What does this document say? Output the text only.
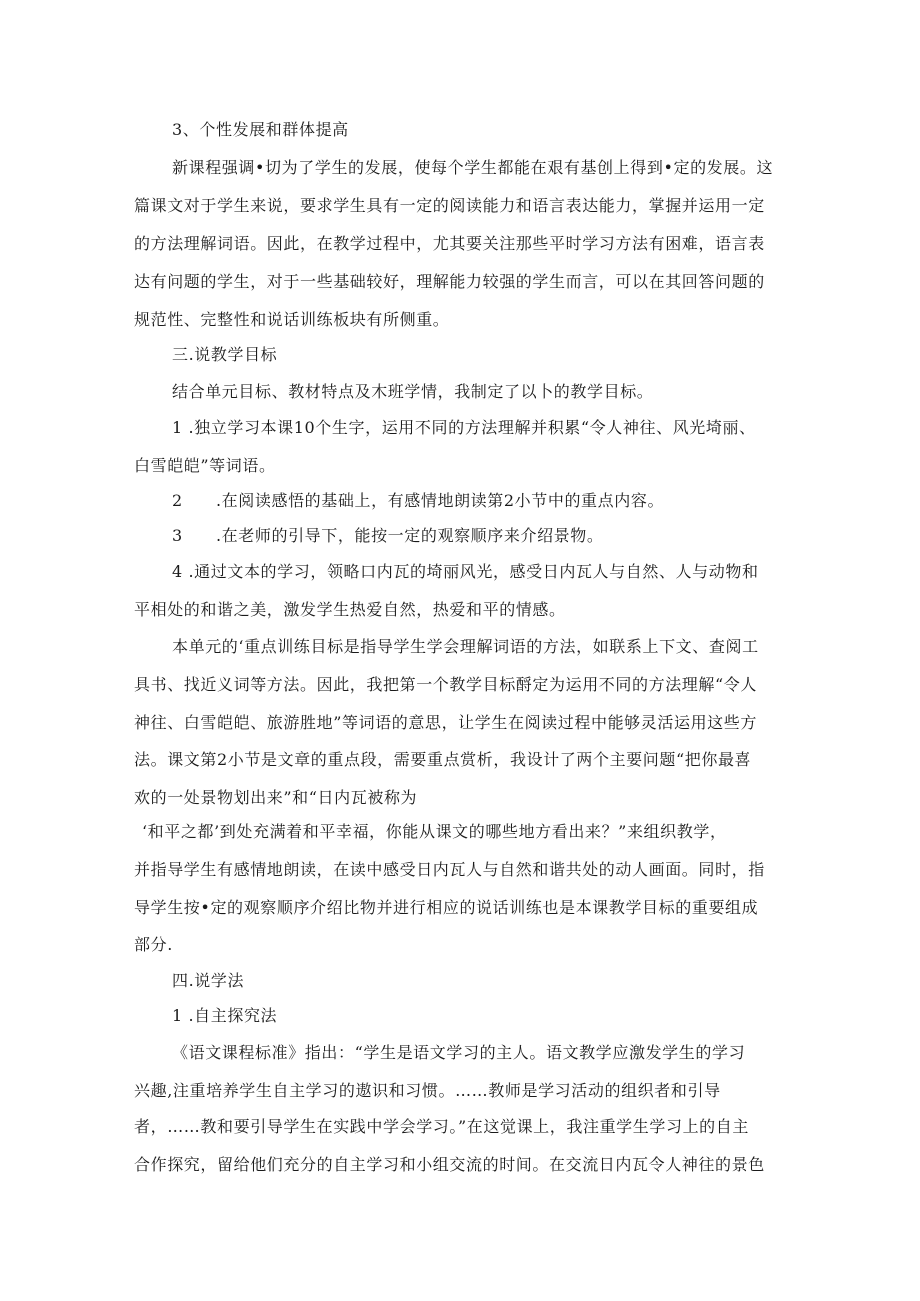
3、个性发展和群体提高
新课程强调•切为了学生的发展，使每个学生都能在艰有基创上得到•定的发展。这
篇课文对于学生来说，要求学生具有一定的阅读能力和语言表达能力，掌握并运用一定
的方法理解词语。因此，在教学过程中，尤其要关注那些平时学习方法有困难，语言表
达有问题的学生，对于一些基础较好，理解能力较强的学生而言，可以在其回答问题的
规范性、完整性和说话训练板块有所侧重。
三.说教学目标
结合单元目标、教材特点及木班学情，我制定了以卜的教学目标。
1 .独立学习本课10个生字，运用不同的方法理解并积累“令人神往、风光埼丽、
白雪皑皑”等词语。
2　　.在阅读感悟的基础上，有感情地朗读第2小节中的重点内容。
3　　.在老师的引导下，能按一定的观察顺序来介绍景物。
4 .通过文本的学习，领略口内瓦的埼丽风光，感受日内瓦人与自然、人与动物和
平相处的和谐之美，激发学生热爱自然，热爱和平的情感。
本单元的‘重点训练目标是指导学生学会理解词语的方法，如联系上下文、查阅工
具书、找近义词等方法。因此，我把第一个教学目标酹定为运用不同的方法理解“令人
神往、白雪皑皑、旅游胜地”等词语的意思，让学生在阅读过程中能够灵活运用这些方
法。课文第2小节是文章的重点段，需要重点赏析，我设计了两个主要问题“把你最喜
欢的一处景物划出来”和“日内瓦被称为
‘和平之都’到处充满着和平幸福，你能从课文的哪些地方看出来？”来组织教学，
并指导学生有感情地朗读，在读中感受日内瓦人与自然和谐共处的动人画面。同时，指
导学生按•定的观察顺序介绍比物并进行相应的说话训练也是本课教学目标的重要组成
部分.
四.说学法
1 .自主探究法
《语文课程标准》指出：“学生是语文学习的主人。语文教学应激发学生的学习
兴趣,注重培养学生自主学习的遨识和习惯。……教师是学习活动的组织者和引导
者，……教和要引导学生在实践中学会学习。”在这觉课上，我注重学生学习上的自主
合作探究，留给他们充分的自主学习和小组交流的时间。在交流日内瓦令人神往的景色
